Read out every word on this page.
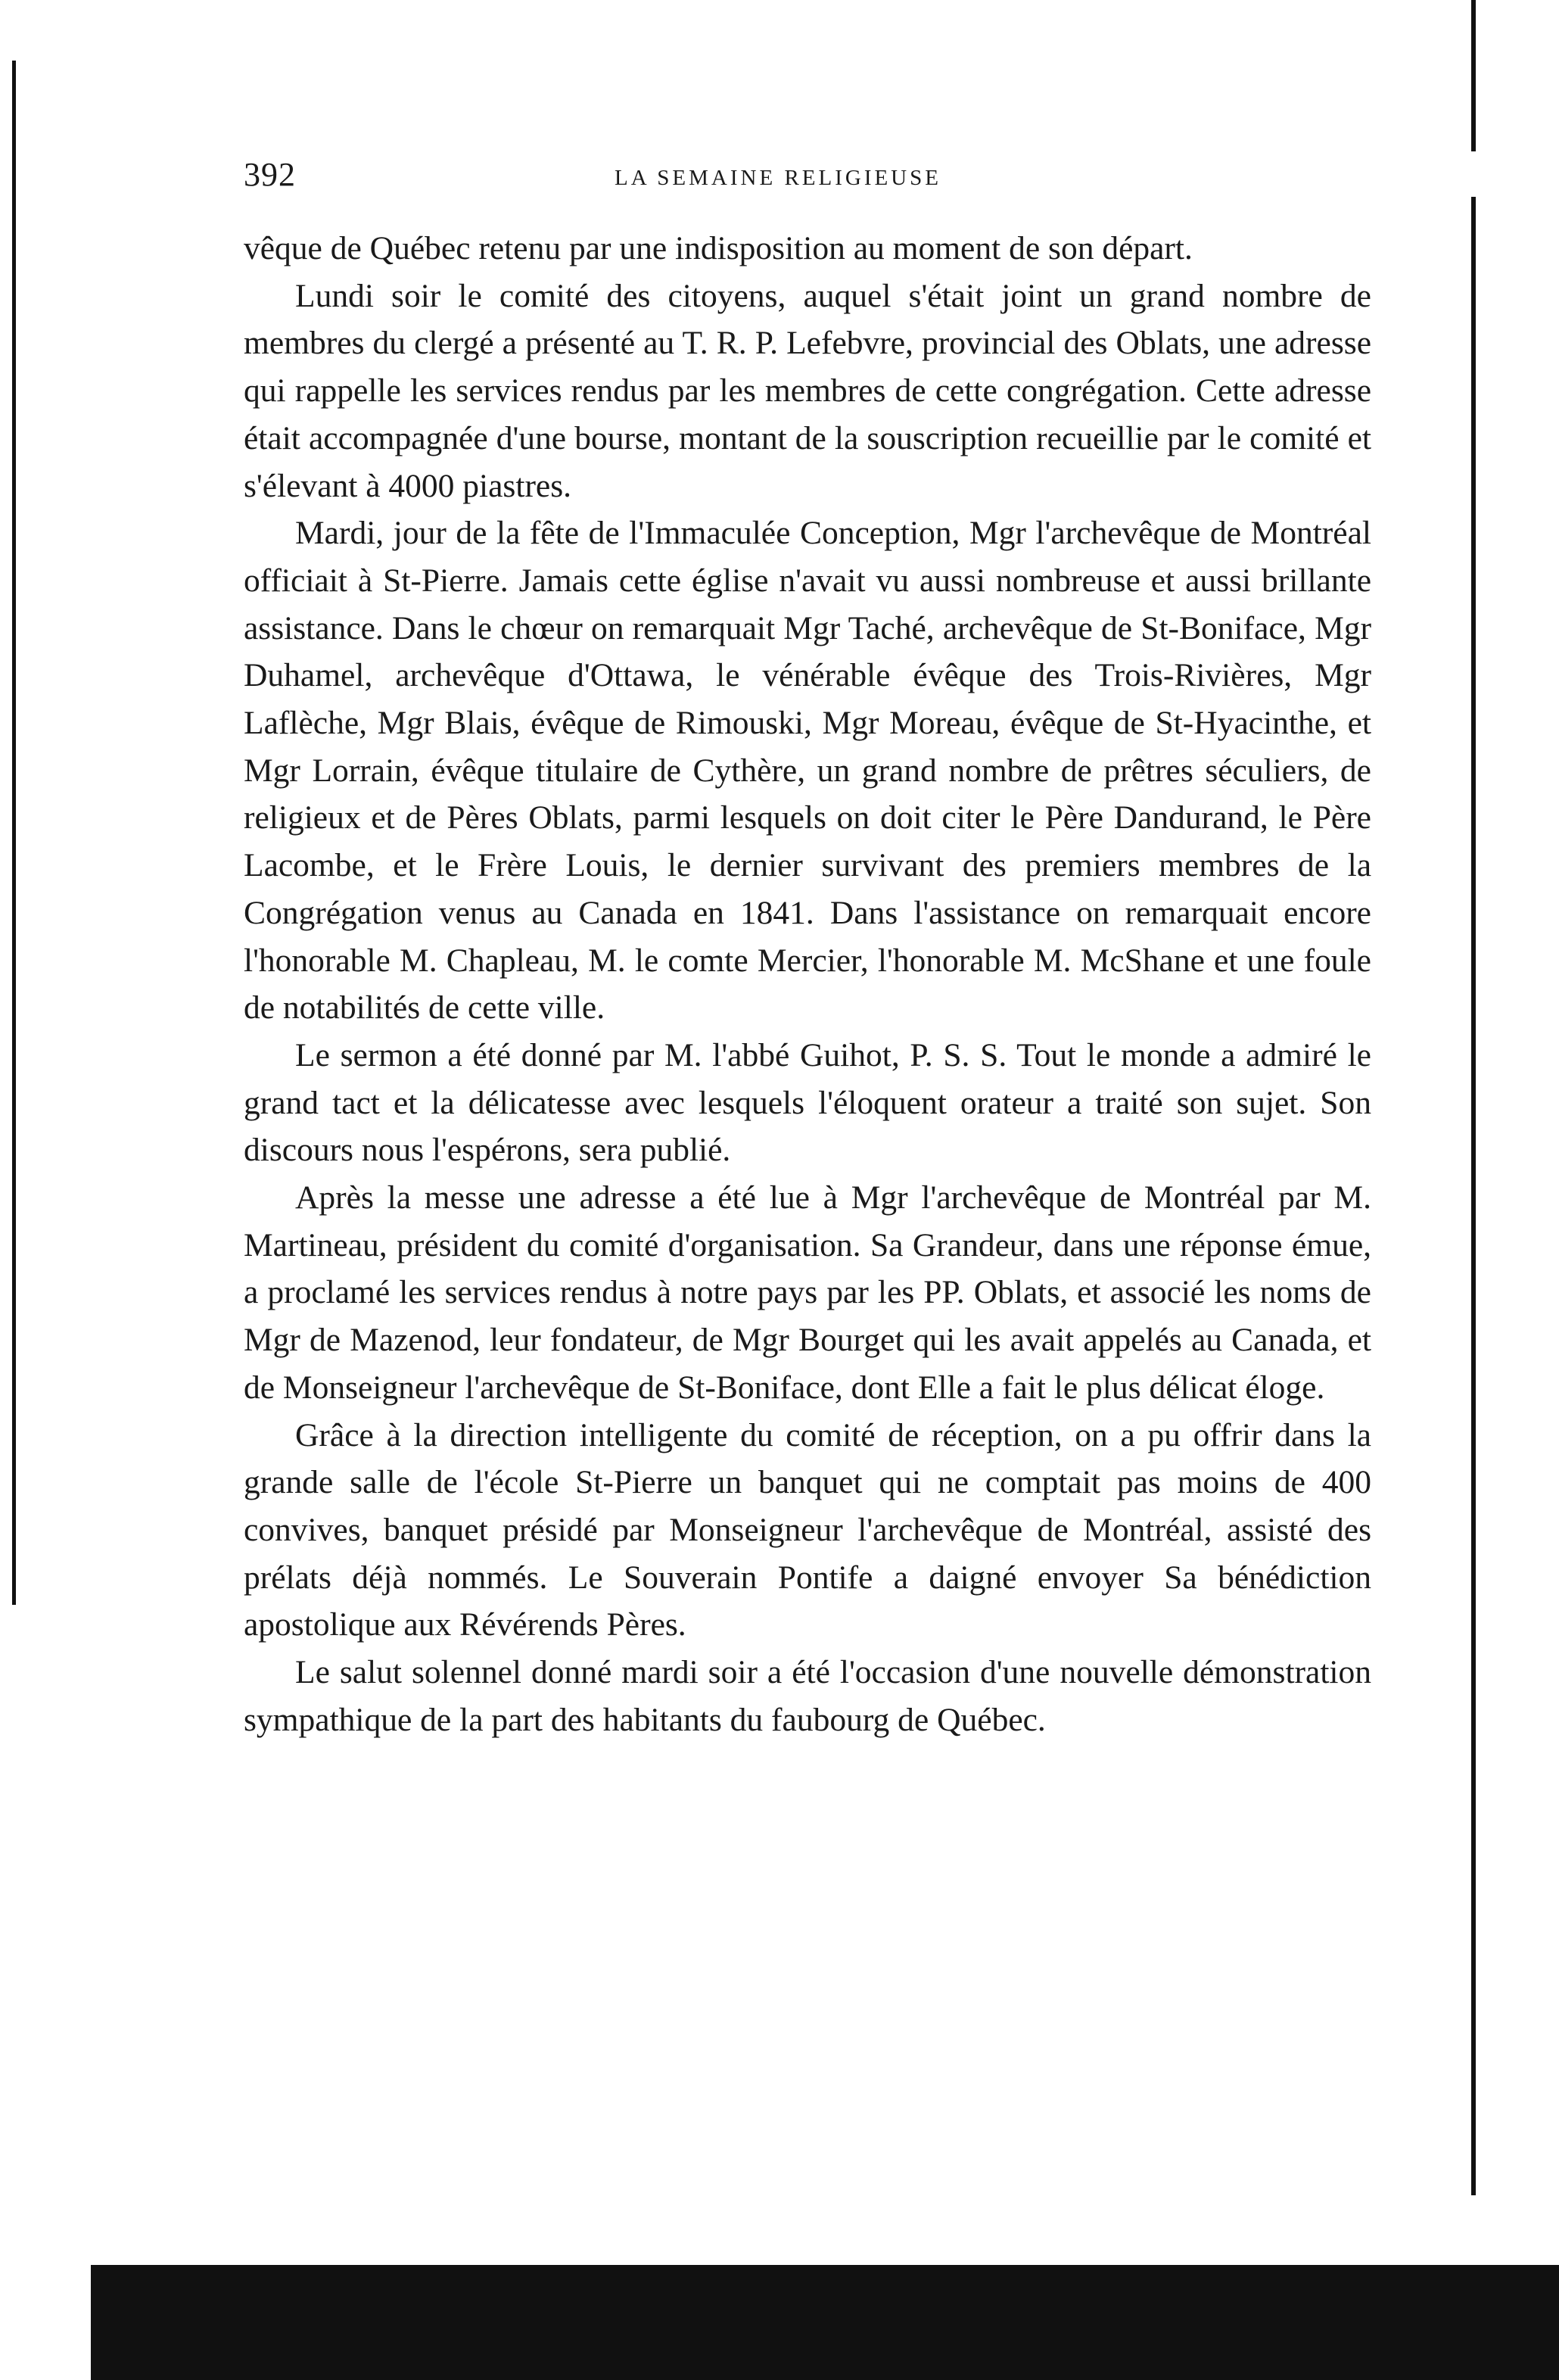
392	LA SEMAINE RELIGIEUSE

vêque de Québec retenu par une indisposition au moment de son départ.

Lundi soir le comité des citoyens, auquel s'était joint un grand nombre de membres du clergé a présenté au T. R. P. Lefebvre, provincial des Oblats, une adresse qui rappelle les services rendus par les membres de cette congrégation. Cette adresse était accompagnée d'une bourse, montant de la souscription recueillie par le comité et s'élevant à 4000 piastres.

Mardi, jour de la fête de l'Immaculée Conception, Mgr l'archevêque de Montréal officiait à St-Pierre. Jamais cette église n'avait vu aussi nombreuse et aussi brillante assistance. Dans le chœur on remarquait Mgr Taché, archevêque de St-Boniface, Mgr Duhamel, archevêque d'Ottawa, le vénérable évêque des Trois-Rivières, Mgr Laflèche, Mgr Blais, évêque de Rimouski, Mgr Moreau, évêque de St-Hyacinthe, et Mgr Lorrain, évêque titulaire de Cythère, un grand nombre de prêtres séculiers, de religieux et de Pères Oblats, parmi lesquels on doit citer le Père Dandurand, le Père Lacombe, et le Frère Louis, le dernier survivant des premiers membres de la Congrégation venus au Canada en 1841. Dans l'assistance on remarquait encore l'honorable M. Chapleau, M. le comte Mercier, l'honorable M. McShane et une foule de notabilités de cette ville.

Le sermon a été donné par M. l'abbé Guihot, P. S. S. Tout le monde a admiré le grand tact et la délicatesse avec lesquels l'éloquent orateur a traité son sujet. Son discours nous l'espérons, sera publié.

Après la messe une adresse a été lue à Mgr l'archevêque de Montréal par M. Martineau, président du comité d'organisation. Sa Grandeur, dans une réponse émue, a proclamé les services rendus à notre pays par les PP. Oblats, et associé les noms de Mgr de Mazenod, leur fondateur, de Mgr Bourget qui les avait appelés au Canada, et de Monseigneur l'archevêque de St-Boniface, dont Elle a fait le plus délicat éloge.

Grâce à la direction intelligente du comité de réception, on a pu offrir dans la grande salle de l'école St-Pierre un banquet qui ne comptait pas moins de 400 convives, banquet présidé par Monseigneur l'archevêque de Montréal, assisté des prélats déjà nommés. Le Souverain Pontife a daigné envoyer Sa bénédiction apostolique aux Révérends Pères.

Le salut solennel donné mardi soir a été l'occasion d'une nouvelle démonstration sympathique de la part des habitants du faubourg de Québec.
